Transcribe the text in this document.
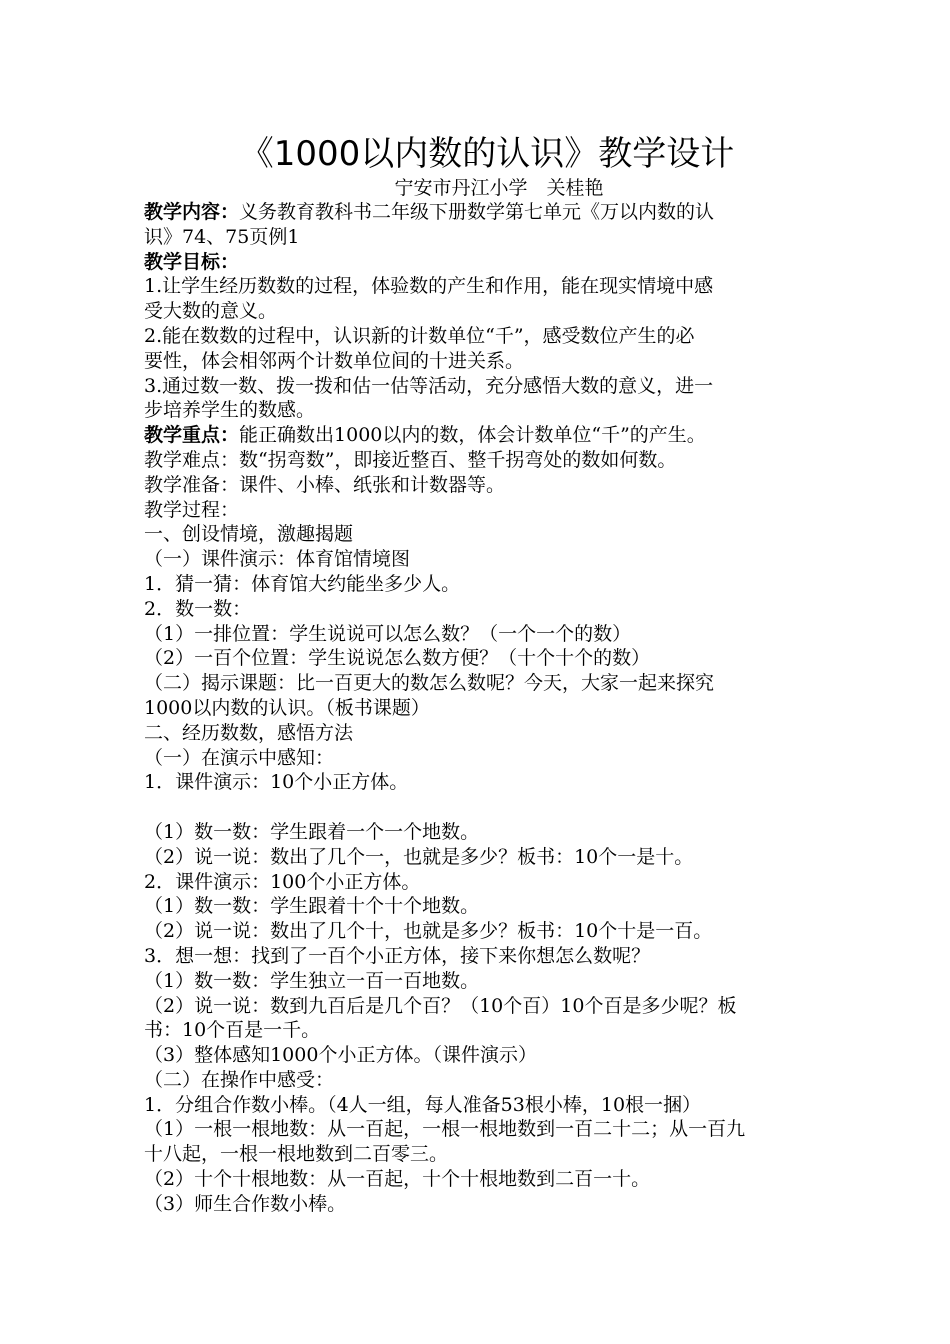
《1000以内数的认识》教学设计
宁安市丹江小学　关桂艳
教学内容：义务教育教科书二年级下册数学第七单元《万以内数的认
识》74、75页例1
教学目标：
1.让学生经历数数的过程，体验数的产生和作用，能在现实情境中感
受大数的意义。
2.能在数数的过程中，认识新的计数单位“千”，感受数位产生的必
要性，体会相邻两个计数单位间的十进关系。
3.通过数一数、拨一拨和估一估等活动，充分感悟大数的意义，进一
步培养学生的数感。
教学重点：能正确数出1000以内的数，体会计数单位“千”的产生。
教学难点：数“拐弯数”，即接近整百、整千拐弯处的数如何数。
教学准备：课件、小棒、纸张和计数器等。
教学过程：
一、创设情境，激趣揭题
（一）课件演示：体育馆情境图
1．猜一猜：体育馆大约能坐多少人。
2．数一数：
（1）一排位置：学生说说可以怎么数？（一个一个的数）
（2）一百个位置：学生说说怎么数方便？（十个十个的数）
（二）揭示课题：比一百更大的数怎么数呢？今天，大家一起来探究
1000以内数的认识。（板书课题）
二、经历数数，感悟方法
（一）在演示中感知：
1．课件演示：10个小正方体。
（1）数一数：学生跟着一个一个地数。
（2）说一说：数出了几个一，也就是多少？板书：10个一是十。
2．课件演示：100个小正方体。
（1）数一数：学生跟着十个十个地数。
（2）说一说：数出了几个十，也就是多少？板书：10个十是一百。
3．想一想：找到了一百个小正方体，接下来你想怎么数呢？
（1）数一数：学生独立一百一百地数。
（2）说一说：数到九百后是几个百？（10个百）10个百是多少呢？板
书：10个百是一千。
（3）整体感知1000个小正方体。（课件演示）
（二）在操作中感受：
1．分组合作数小棒。（4人一组，每人准备53根小棒，10根一捆）
（1）一根一根地数：从一百起，一根一根地数到一百二十二；从一百九
十八起，一根一根地数到二百零三。
（2）十个十根地数：从一百起，十个十根地数到二百一十。
（3）师生合作数小棒。
